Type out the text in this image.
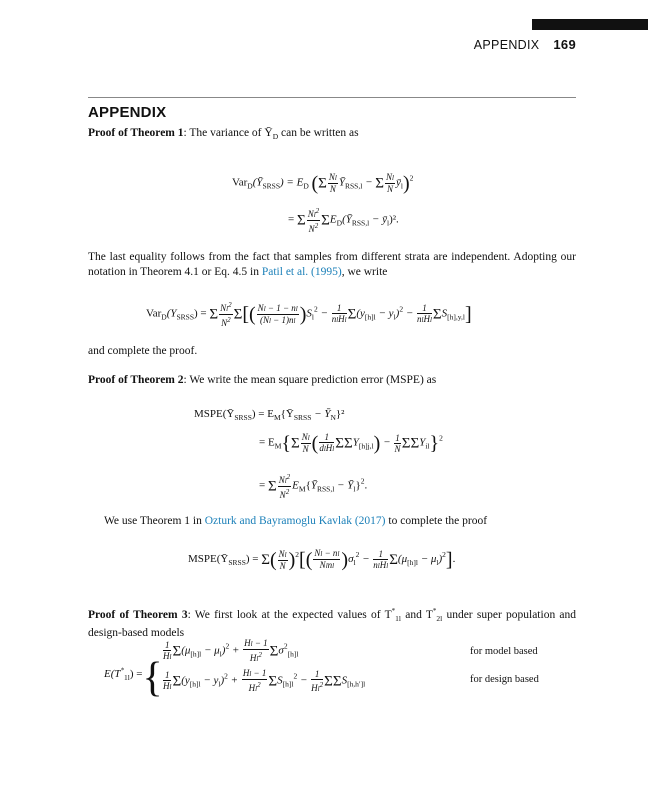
APPENDIX 169
APPENDIX
Proof of Theorem 1: The variance of $Ȳ_D$ can be written as
$Var_D(Ȳ_{SRSS}) = E_D$ ($\Sigma \frac{Nl}{N}$ $Ȳ_{RSS,l} - \Sigma \frac{Nl}{N}$ $ȳ_l)^2$
= Σ $\frac{Nl^2}{N^2}$ $\Sigma E_D(Ȳ_{RSS,l}$ − $ȳ_l)^2$.
The last equality follows from the fact that samples from different strata are independent. Adopting our notation in Theorem 4.1 or Eq. 4.5 in Patil et al. (1995), we write
$Var_D(Y_{SRSS}) = \Sigma \frac{Nl^2}{N^2} \Sigma[( \frac{Nl - 1 - nl}{(Nl - 1)nl} )S_l^2 - \frac{1}{\text{nlHl}} \Sigma(y_{[h]l} - y_l)^2 - \frac{1}{\text{nlHl}} \Sigma S_{[h],y,l}]$
and complete the proof.
Proof of Theorem 2: We write the mean square prediction error (MSPE) as
$MSPE(Ȳ_{SRSS})$ = $E_M\{Ȳ_{SRSS}$ − $Ȳ_N\}^2$
= $E_M\{\Sigma \frac{Nl}{N}$ ( $\frac{1}{\text{dlHl}} \Sigma\Sigma Y_{[h]j,l}) - \frac{1}{N} \Sigma\Sigma Y_{il}\}^2$
= Σ $\frac{Nl^2}{N^2}$ $E_M\{Ȳ_{RSS,l}$ − $Ȳ_l\}^2$.
We use Theorem 1 in Ozturk and Bayramoglu Kavlak (2017) to complete the proof
$MSPE(Ȳ_{SRSS}) = \Sigma( \frac{Nl}{N} )^2[( \frac{Nl - nl}{Nlnl} )\sigma_l^2 - \frac{1}{\text{nlHl}} \Sigma(\mu_{[h]l} - \mu_l)^2]$.
Proof of Theorem 3: We first look at the expected values of $T^*_{1l}$ and $T^*_{2l}$ under super population and design-based models
$E(T^*_{1l})$ ={
$\frac{1}{Hl} \Sigma(\mu_{[h]l} - \mu_l)^2 + \frac{Hl - 1}{Hl^2} \Sigma\sigma^2_{[h]l}$
$\frac{1}{Hl} \Sigma(y_{[h]l} - y_l)^2 + \frac{Hl - 1}{Hl^2} \Sigma S_{[h]l}^2 - \frac{1}{Hl^2} \Sigma\Sigma S_{[h,h']l}$
for model based
for design based
